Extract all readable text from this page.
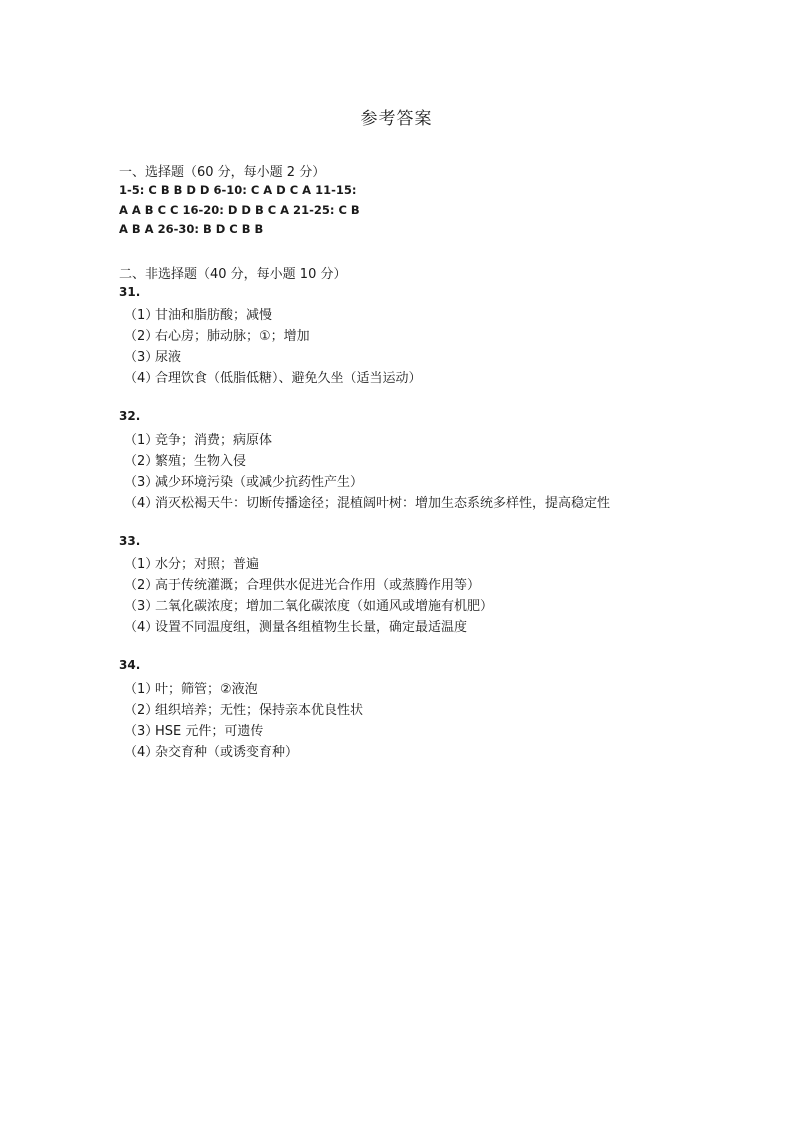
参考答案
一、选择题（60 分，每小题 2 分）
1-5: C B B D D 6-10: C A D C A 11-15:
A A B C C 16-20: D D B C A 21-25: C B
A B A 26-30: B D C B B
二、非选择题（40 分，每小题 10 分）
31.
（1）甘油和脂肪酸；减慢
（2）右心房；肺动脉；①；增加
（3）尿液
（4）合理饮食（低脂低糖）、避免久坐（适当运动）
32.
（1）竞争；消费；病原体
（2）繁殖；生物入侵
（3）减少环境污染（或减少抗药性产生）
（4）消灭松褐天牛：切断传播途径；混植阔叶树：增加生态系统多样性，提高稳定性
33.
（1）水分；对照；普遍
（2）高于传统灌溉；合理供水促进光合作用（或蒸腾作用等）
（3）二氧化碳浓度；增加二氧化碳浓度（如通风或增施有机肥）
（4）设置不同温度组，测量各组植物生长量，确定最适温度
34.
（1）叶；筛管；②液泡
（2）组织培养；无性；保持亲本优良性状
（3）HSE 元件；可遗传
（4）杂交育种（或诱变育种）
